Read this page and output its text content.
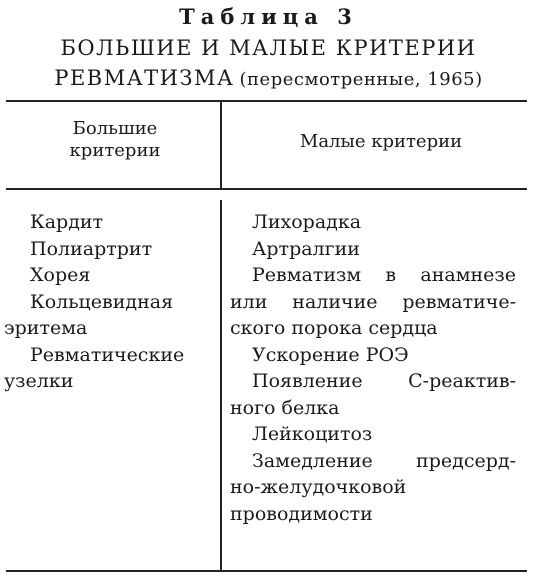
Таблица 3
БОЛЬШИЕ И МАЛЫЕ КРИТЕРИИ
РЕВМАТИЗМА (пересмотренные, 1965)
Большие
критерии	Малые критерии
Кардит
Полиартрит
Хорея
Кольцевидная
эритема
Ревматические
узелки
Лихорадка
Артралгии
Ревматизм в анамнезе
или наличие ревматиче-
ского порока сердца
Ускорение РОЭ
Появление С-реактив-
ного белка
Лейкоцитоз
Замедление предсерд-
но-желудочковой
проводимости
